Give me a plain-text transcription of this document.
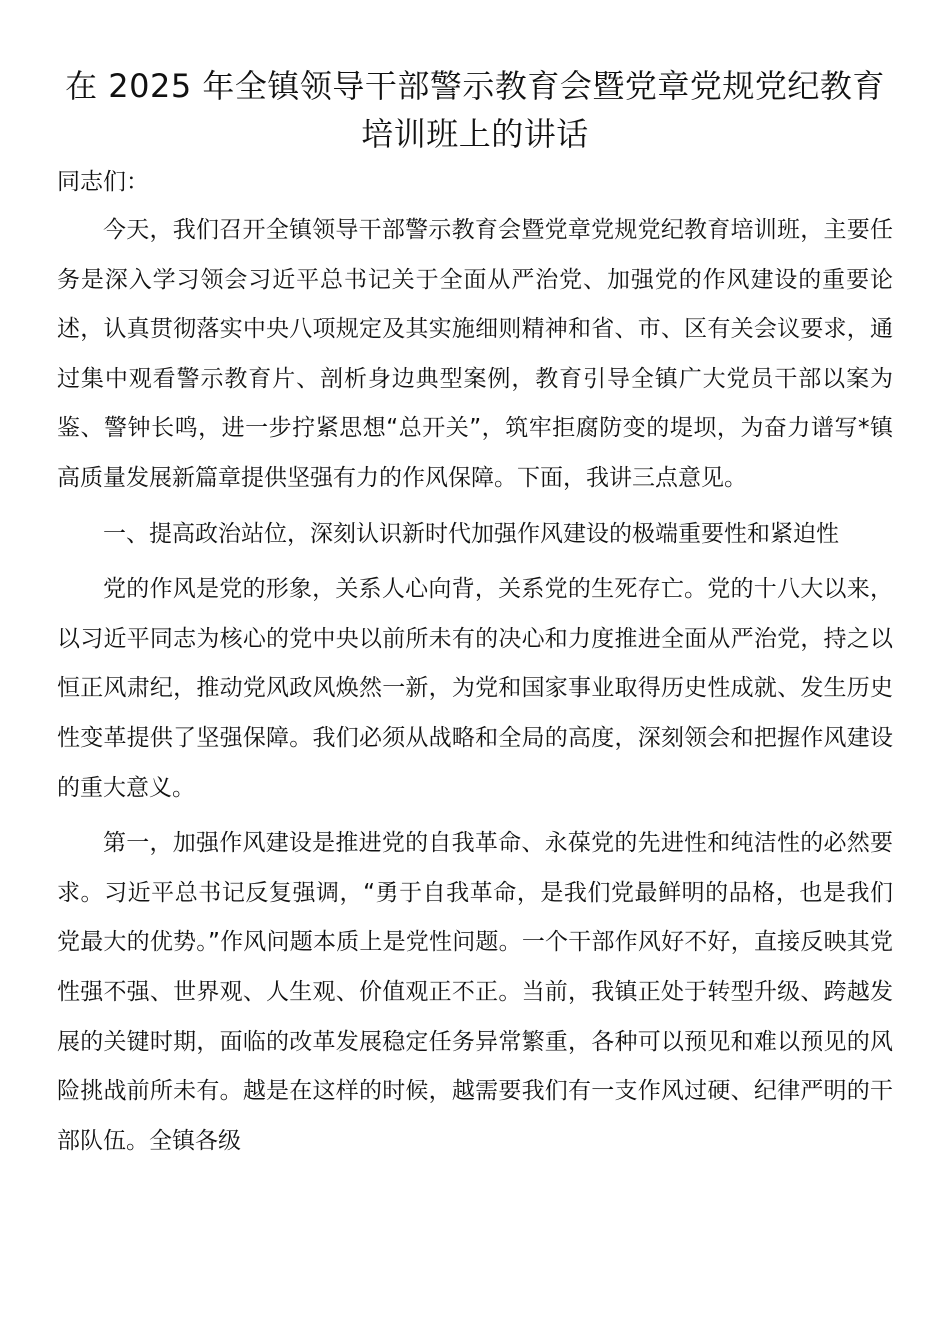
在 2025 年全镇领导干部警示教育会暨党章党规党纪教育培训班上的讲话

同志们：

今天，我们召开全镇领导干部警示教育会暨党章党规党纪教育培训班，主要任务是深入学习领会习近平总书记关于全面从严治党、加强党的作风建设的重要论述，认真贯彻落实中央八项规定及其实施细则精神和省、市、区有关会议要求，通过集中观看警示教育片、剖析身边典型案例，教育引导全镇广大党员干部以案为鉴、警钟长鸣，进一步拧紧思想“总开关”，筑牢拒腐防变的堤坝，为奋力谱写*镇高质量发展新篇章提供坚强有力的作风保障。下面，我讲三点意见。

一、提高政治站位，深刻认识新时代加强作风建设的极端重要性和紧迫性

党的作风是党的形象，关系人心向背，关系党的生死存亡。党的十八大以来，以习近平同志为核心的党中央以前所未有的决心和力度推进全面从严治党，持之以恒正风肃纪，推动党风政风焕然一新，为党和国家事业取得历史性成就、发生历史性变革提供了坚强保障。我们必须从战略和全局的高度，深刻领会和把握作风建设的重大意义。

第一，加强作风建设是推进党的自我革命、永葆党的先进性和纯洁性的必然要求。习近平总书记反复强调，“勇于自我革命，是我们党最鲜明的品格，也是我们党最大的优势。”作风问题本质上是党性问题。一个干部作风好不好，直接反映其党性强不强、世界观、人生观、价值观正不正。当前，我镇正处于转型升级、跨越发展的关键时期，面临的改革发展稳定任务异常繁重，各种可以预见和难以预见的风险挑战前所未有。越是在这样的时候，越需要我们有一支作风过硬、纪律严明的干部队伍。全镇各级
